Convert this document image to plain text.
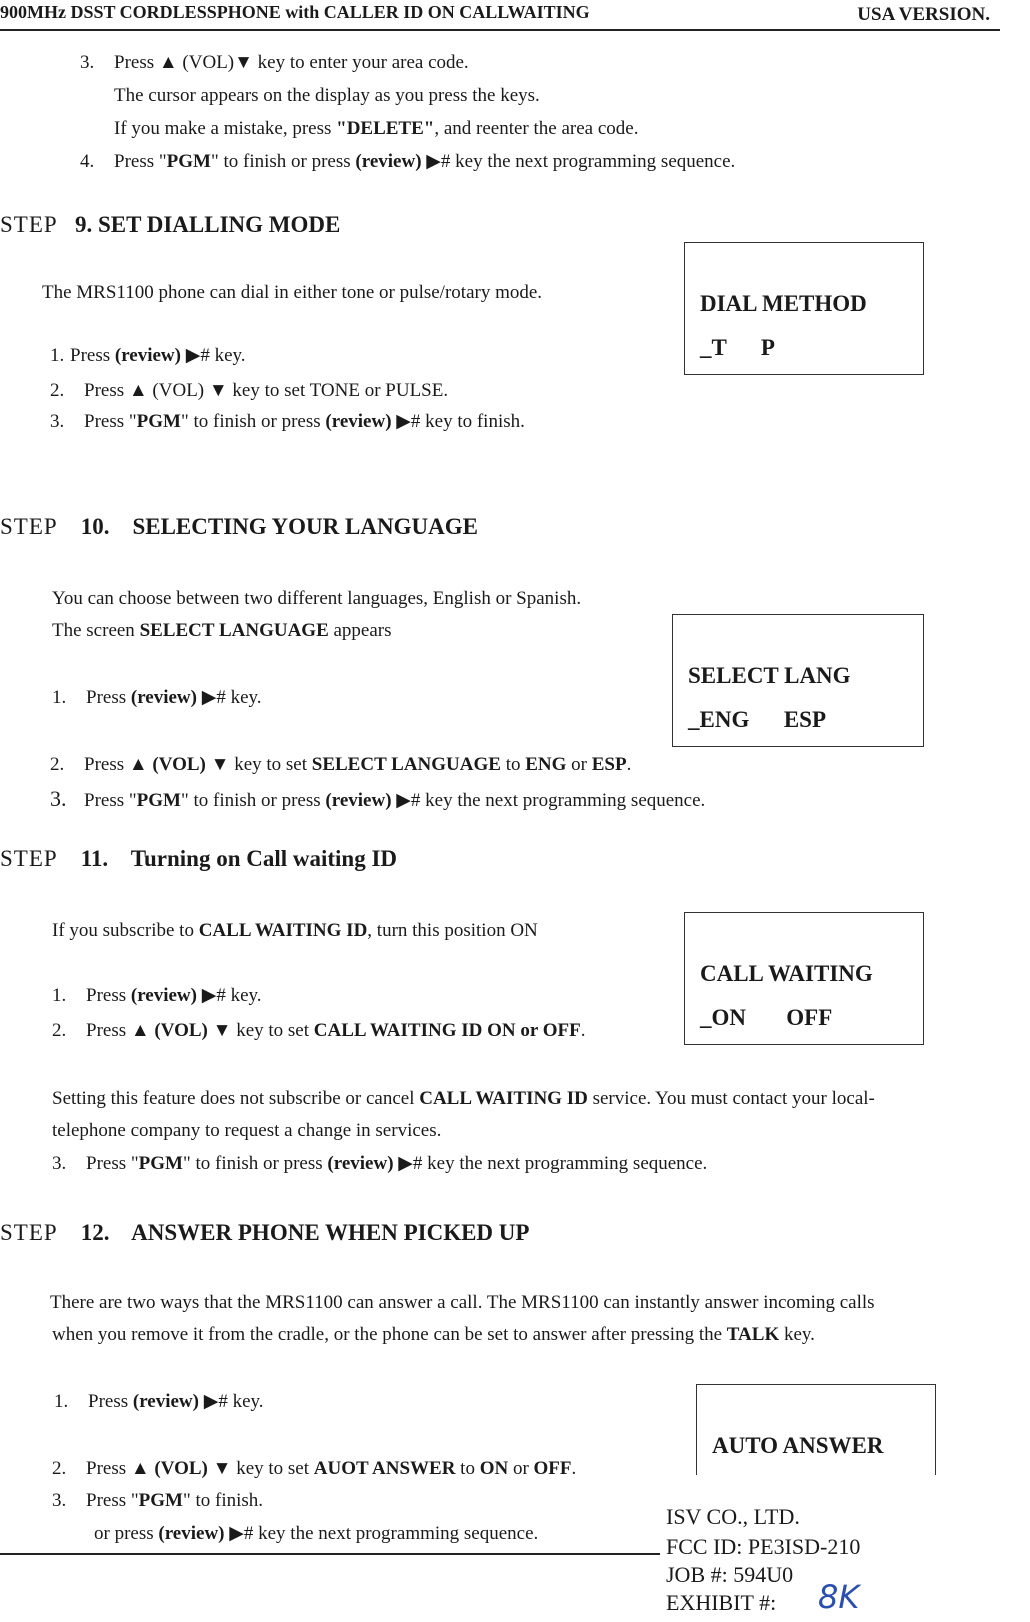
900MHz DSST CORDLESSPHONE with CALLER ID ON CALLWAITING	USA VERSION.
3. Press ▲ (VOL)▼ key to enter your area code.
The cursor appears on the display as you press the keys.
If you make a mistake, press "DELETE", and reenter the area code.
4. Press "PGM" to finish or press (review) ▶# key the next programming sequence.
STEP 9. SET DIALLING MODE
The MRS1100 phone can dial in either tone or pulse/rotary mode.
1. Press (review) ▶# key.
2. Press ▲ (VOL) ▼ key to set TONE or PULSE.
3. Press "PGM" to finish or press (review) ▶# key to finish.
DIAL METHOD
_T      P
STEP 10.    SELECTING YOUR LANGUAGE
You can choose between two different languages, English or Spanish.
The screen SELECT LANGUAGE appears
1. Press (review) ▶# key.
2. Press ▲ (VOL) ▼ key to set SELECT LANGUAGE to ENG or ESP.
3. Press "PGM" to finish or press (review) ▶# key the next programming sequence.
SELECT LANG
_ENG      ESP
STEP 11.    Turning on Call waiting ID
If you subscribe to CALL WAITING ID, turn this position ON
1. Press (review) ▶# key.
2. Press ▲ (VOL) ▼ key to set CALL WAITING ID ON or OFF.
CALL WAITING
_ON       OFF
Setting this feature does not subscribe or cancel CALL WAITING ID service. You must contact your local-
telephone company to request a change in services.
3. Press "PGM" to finish or press (review) ▶# key the next programming sequence.
STEP 12.    ANSWER PHONE WHEN PICKED UP
There are two ways that the MRS1100 can answer a call. The MRS1100 can instantly answer incoming calls
when you remove it from the cradle, or the phone can be set to answer after pressing the TALK key.
1. Press (review) ▶# key.
2. Press ▲ (VOL) ▼ key to set AUOT ANSWER to ON or OFF.
3. Press "PGM" to finish.
or press (review) ▶# key the next programming sequence.
AUTO ANSWER
ISV CO., LTD.
FCC ID: PE3ISD-210
JOB #: 594U0
EXHIBIT #: 8K
